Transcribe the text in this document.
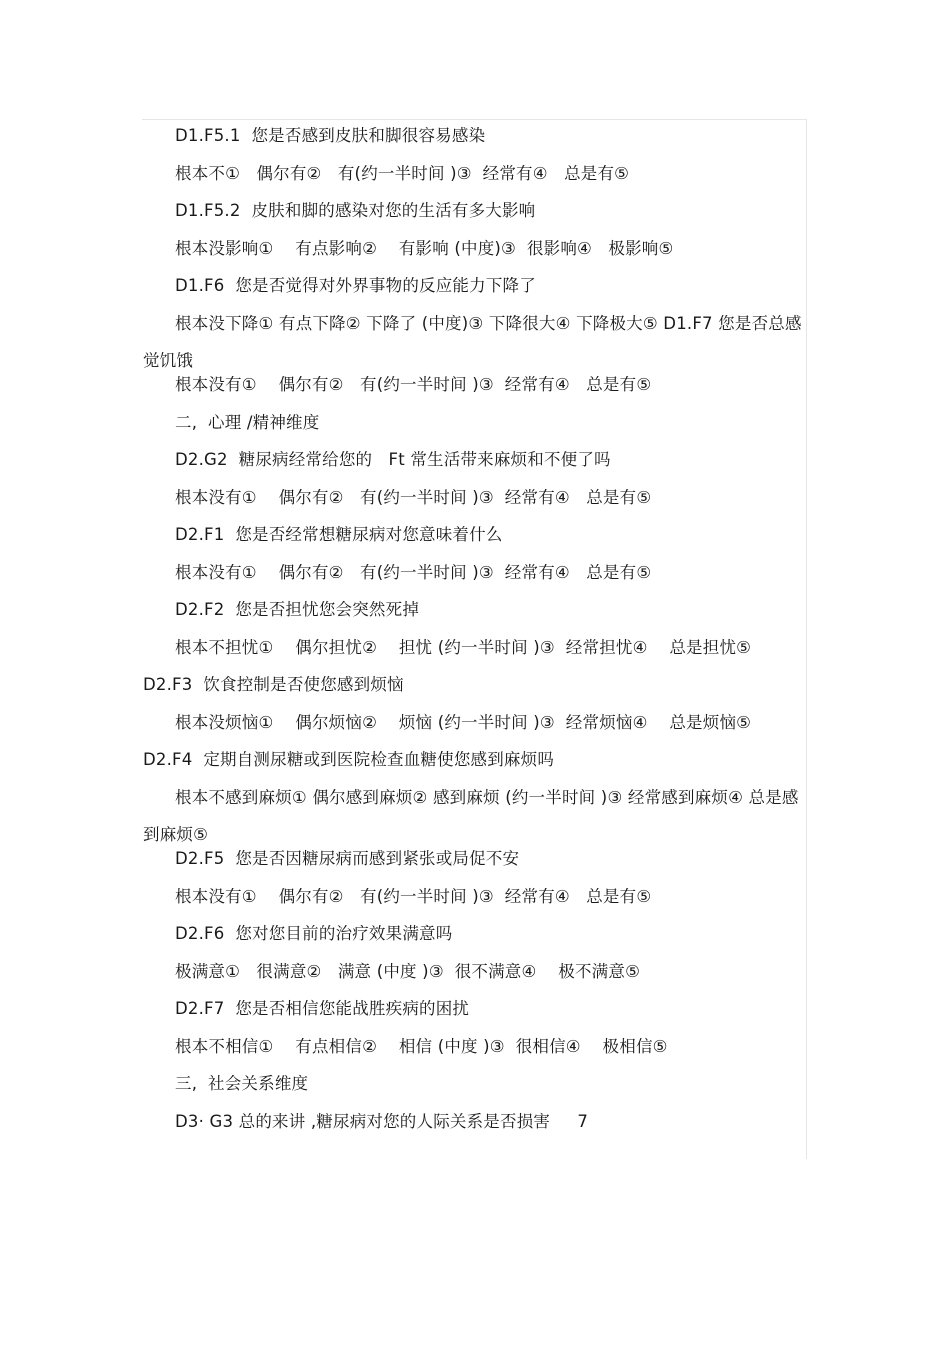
D1.F5.1  您是否感到皮肤和脚很容易感染
根本不①   偶尔有②   有(约一半时间 )③  经常有④   总是有⑤
D1.F5.2  皮肤和脚的感染对您的生活有多大影响
根本没影响①    有点影响②    有影响 (中度)③  很影响④   极影响⑤
D1.F6  您是否觉得对外界事物的反应能力下降了
根本没下降① 有点下降② 下降了 (中度)③ 下降很大④ 下降极大⑤ D1.F7 您是否总感觉饥饿
根本没有①    偶尔有②   有(约一半时间 )③  经常有④   总是有⑤
二,  心理 /精神维度
D2.G2  糖尿病经常给您的   Ft 常生活带来麻烦和不便了吗
根本没有①    偶尔有②   有(约一半时间 )③  经常有④   总是有⑤
D2.F1  您是否经常想糖尿病对您意味着什么
根本没有①    偶尔有②   有(约一半时间 )③  经常有④   总是有⑤
D2.F2  您是否担忧您会突然死掉
根本不担忧①    偶尔担忧②    担忧 (约一半时间 )③  经常担忧④    总是担忧⑤
D2.F3  饮食控制是否使您感到烦恼
根本没烦恼①    偶尔烦恼②    烦恼 (约一半时间 )③  经常烦恼④    总是烦恼⑤
D2.F4  定期自测尿糖或到医院检查血糖使您感到麻烦吗
根本不感到麻烦① 偶尔感到麻烦② 感到麻烦 (约一半时间 )③ 经常感到麻烦④ 总是感到麻烦⑤
D2.F5  您是否因糖尿病而感到紧张或局促不安
根本没有①    偶尔有②   有(约一半时间 )③  经常有④   总是有⑤
D2.F6  您对您目前的治疗效果满意吗
极满意①   很满意②   满意 (中度 )③  很不满意④    极不满意⑤
D2.F7  您是否相信您能战胜疾病的困扰
根本不相信①    有点相信②    相信 (中度 )③  很相信④    极相信⑤
三,  社会关系维度
D3· G3 总的来讲 ,糖尿病对您的人际关系是否损害     7
